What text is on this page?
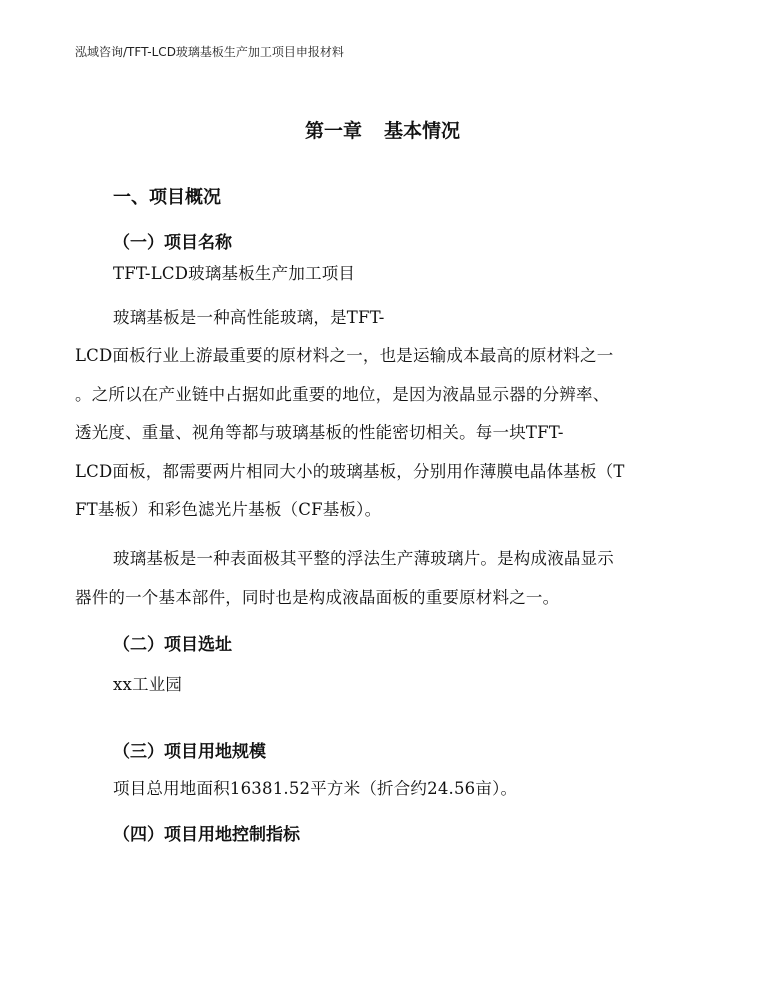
泓域咨询/TFT-LCD玻璃基板生产加工项目申报材料
第一章 基本情况
一、项目概况
（一）项目名称
TFT-LCD玻璃基板生产加工项目
玻璃基板是一种高性能玻璃，是TFT-
LCD面板行业上游最重要的原材料之一，也是运输成本最高的原材料之一
。之所以在产业链中占据如此重要的地位，是因为液晶显示器的分辨率、
透光度、重量、视角等都与玻璃基板的性能密切相关。每一块TFT-
LCD面板，都需要两片相同大小的玻璃基板，分别用作薄膜电晶体基板（T
FT基板）和彩色滤光片基板（CF基板）。
玻璃基板是一种表面极其平整的浮法生产薄玻璃片。是构成液晶显示
器件的一个基本部件，同时也是构成液晶面板的重要原材料之一。
（二）项目选址
xx工业园
（三）项目用地规模
项目总用地面积16381.52平方米（折合约24.56亩）。
（四）项目用地控制指标
